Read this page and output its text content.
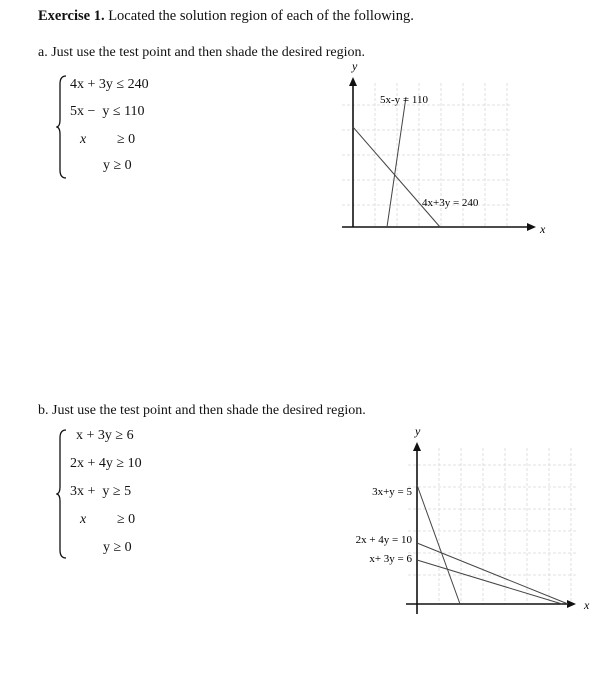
Exercise 1. Located the solution region of each of the following.
a. Just use the test point and then shade the desired region.
4x + 3y ≤ 240
5x −  y ≤ 110
x ≥ 0
y ≥ 0
y
x
5x-y = 110
4x+3y = 240
b. Just use the test point and then shade the desired region.
x + 3y ≥ 6
2x + 4y ≥ 10
3x +  y ≥ 5
x ≥ 0
y ≥ 0
y
x
3x+y = 5
2x + 4y = 10
x+ 3y = 6
